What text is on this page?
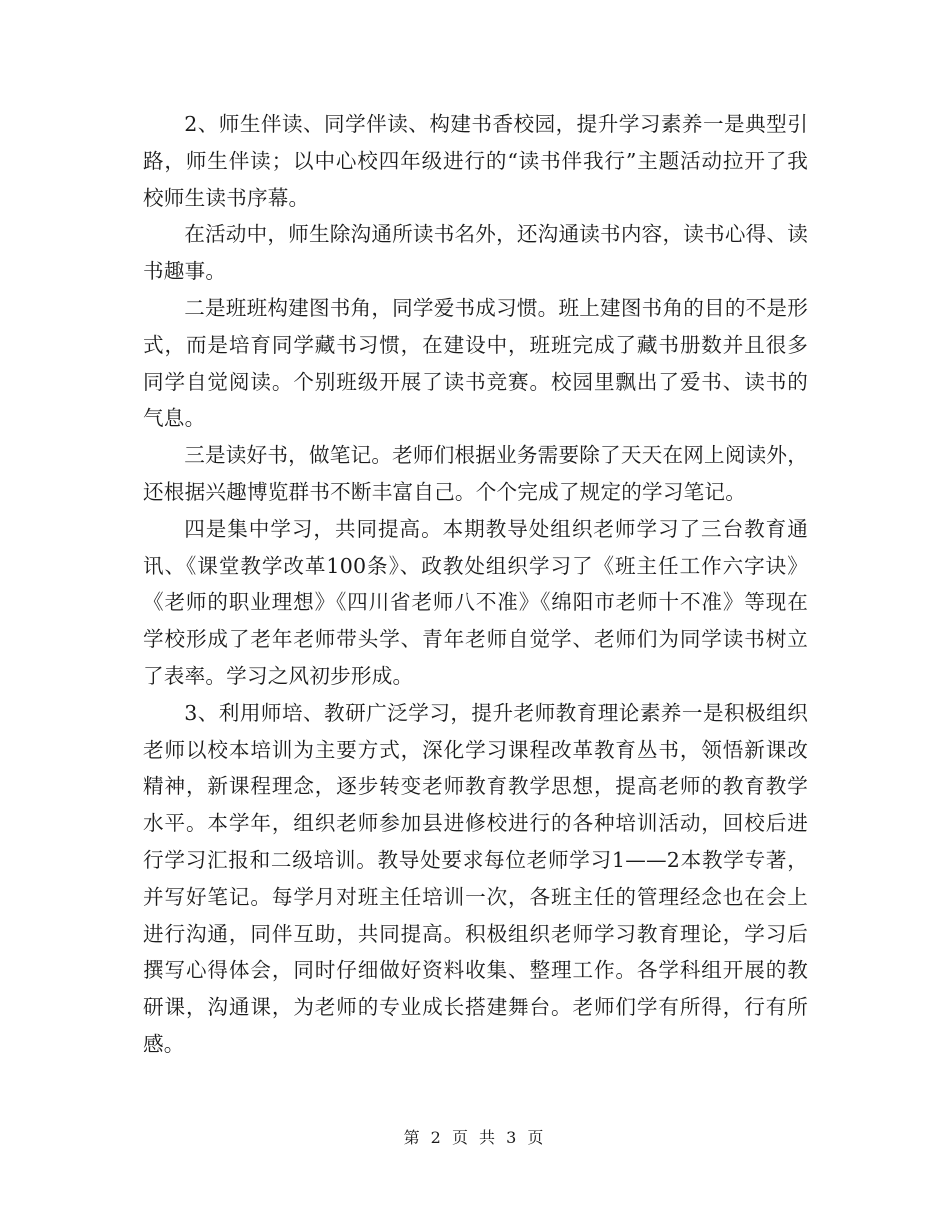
2、师生伴读、同学伴读、构建书香校园，提升学习素养一是典型引路，师生伴读；以中心校四年级进行的“读书伴我行”主题活动拉开了我校师生读书序幕。

在活动中，师生除沟通所读书名外，还沟通读书内容，读书心得、读书趣事。

二是班班构建图书角，同学爱书成习惯。班上建图书角的目的不是形式，而是培育同学藏书习惯，在建设中，班班完成了藏书册数并且很多同学自觉阅读。个别班级开展了读书竞赛。校园里飘出了爱书、读书的气息。

三是读好书，做笔记。老师们根据业务需要除了天天在网上阅读外，还根据兴趣博览群书不断丰富自己。个个完成了规定的学习笔记。

四是集中学习，共同提高。本期教导处组织老师学习了三台教育通讯、《课堂教学改革100条》、政教处组织学习了《班主任工作六字诀》《老师的职业理想》《四川省老师八不准》《绵阳市老师十不准》等现在学校形成了老年老师带头学、青年老师自觉学、老师们为同学读书树立了表率。学习之风初步形成。

3、利用师培、教研广泛学习，提升老师教育理论素养一是积极组织老师以校本培训为主要方式，深化学习课程改革教育丛书，领悟新课改精神，新课程理念，逐步转变老师教育教学思想，提高老师的教育教学水平。本学年，组织老师参加县进修校进行的各种培训活动，回校后进行学习汇报和二级培训。教导处要求每位老师学习1——2本教学专著，并写好笔记。每学月对班主任培训一次，各班主任的管理经念也在会上进行沟通，同伴互助，共同提高。积极组织老师学习教育理论，学习后撰写心得体会，同时仔细做好资料收集、整理工作。各学科组开展的教研课，沟通课，为老师的专业成长搭建舞台。老师们学有所得，行有所感。

第 2 页 共 3 页
